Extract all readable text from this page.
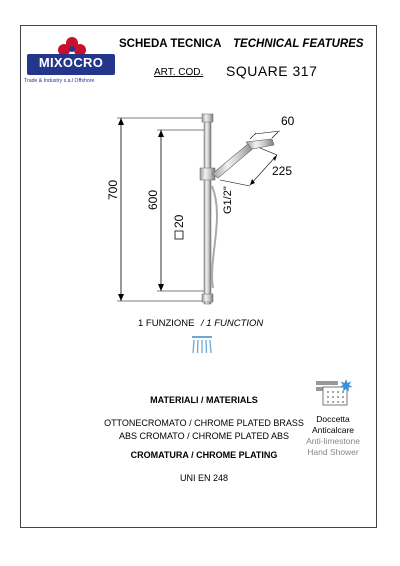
MIXOCRO
Trade & Industry s.a.l Offshore
SCHEDA TECNICA TECHNICAL FEATURES
ART. COD. SQUARE 317
700 600
20
G1/2"
60
225
1 FUNZIONE / 1 FUNCTION
MATERIALI / MATERIALS
OTTONECROMATO / CHROME PLATED BRASS
ABS CROMATO / CHROME PLATED ABS
CROMATURA / CHROME PLATING
UNI EN 248
Doccetta
Anticalcare
Anti-limestone
Hand Shower
